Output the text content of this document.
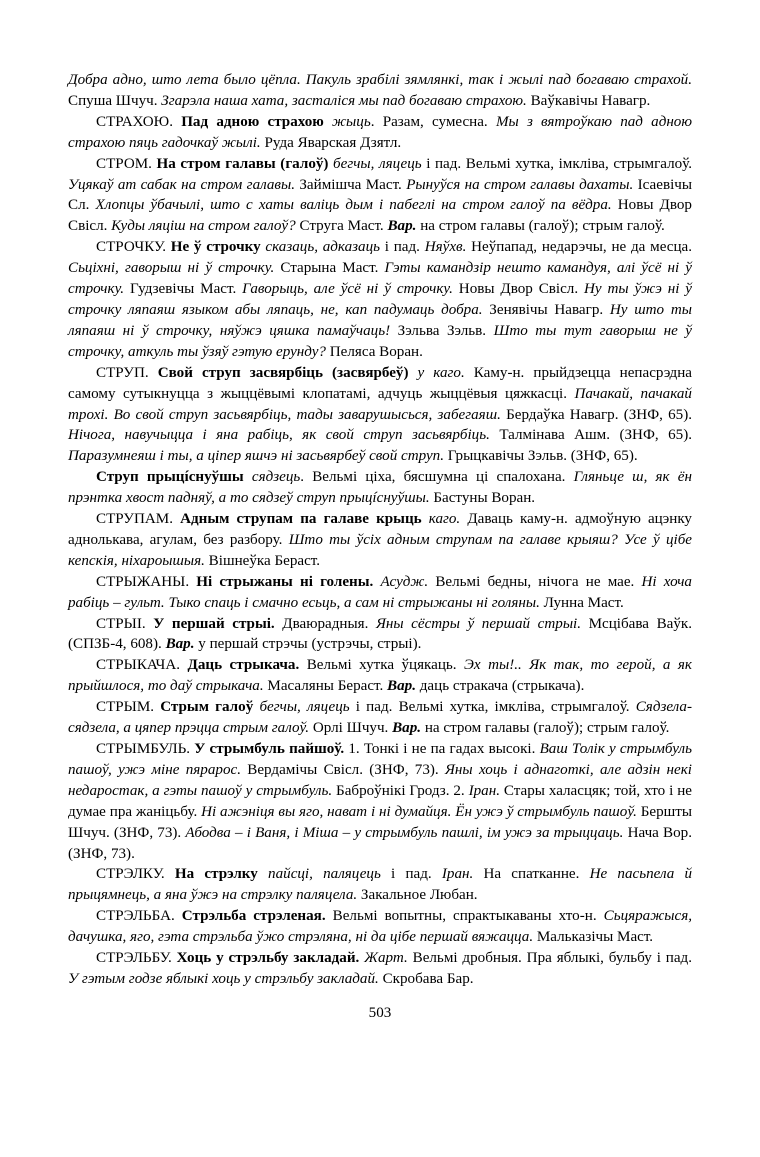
Добра адно, што лета было цёпла. Пакуль зрабілі зямлянкі, так і жылі пад богаваю страхой. Спуша Шчуч. Згарэла наша хата, засталіся мы пад богаваю страхою. Ваўкавічы Навагр.

СТРАХОЮ. Пад адною страхою жыць. Разам, сумесна. Мы з вятроўкаю пад адною страхою пяць гадочкаў жылі. Руда Яварская Дзятл.

СТРОМ. На стром галавы (галоў) бегчы, ляцець і пад. Вельмі хутка, імкліва, стрымгалоў. Уцякаў ат сабак на стром галавы. Займішча Маст. Рынуўся на стром галавы дахаты. Ісаевічы Сл. Хлопцы ўбачылі, што с хаты валіць дым і пабеглі на стром галоў па вёдра. Новы Двор Свісл. Куды ляціш на стром галоў? Струга Маст. Вар. на стром галавы (галоў); стрым галоў.

СТРОЧКУ. Не ў строчку сказаць, адказаць і пад. Няўхв. Неўпапад, недарэчы, не да месца. Сьціхні, гаворыш ні ў строчку. Старына Маст. Гэты камандзір нешто камандуя, алі ўсё ні ў строчку. Гудзевічы Маст. Гаворыць, але ўсё ні ў строчку. Новы Двор Свісл. Ну ты ўжэ ні ў строчку ляпаяш языком абы ляпаць, не, кап падумаць добра. Зенявічы Навагр. Ну што ты ляпаяш ні ў строчку, няўжэ цяшка памаўчаць! Зэльва Зэльв. Што ты тут гаворыш не ў строчку, аткуль ты ўзяў гэтую ерунду? Пеляса Воран.

СТРУП. Свой струп засвярбіць (засвярбеў) у каго. Каму-н. прыйдзецца непасрэдна самому сутыкнуцца з жыццёвымі клопатамі, адчуць жыццёвыя цяжкасці. Пачакай, пачакай трохі. Во свой струп засьвярбіць, тады заварушысься, забегаяш. Бердаўка Навагр. (ЗНФ, 65). Нічога, навучыцца і яна рабіць, як свой струп засьвярбіць. Талмінава Ашм. (ЗНФ, 65). Паразумнеяш і ты, а ціпер яшчэ ні засьвярбеў свой струп. Грыцкавічы Зэльв. (ЗНФ, 65).

Струп прыцíснуўшы сядзець. Вельмі ціха, бясшумна ці спалохана. Гляньце ш, як ён прэнтка хвост падняў, а то сядзеў струп прыцíснуўшы. Бастуны Воран.

СТРУПАМ. Адным струпам па галаве крыць каго. Даваць каму-н. адмоўную ацэнку аднолькава, агулам, без разбору. Што ты ўсіх адным струпам па галаве крыяш? Усе ў цібе кепскія, ніхароышыя. Вішнеўка Бераст.

СТРЫЖАНЫ. Ні стрыжаны ні голены. Асудж. Вельмі бедны, нічога не мае. Ні хоча рабіць – гульт. Тыко спаць і смачно есьць, а сам ні стрыжаны ні голяны. Лунна Маст.

СТРЫІ. У першай стрыі. Дваюрадныя. Яны сёстры ў першай стрыі. Мсцібава Ваўк. (СПЗБ-4, 608). Вар. у першай стрэчы (устрэчы, стрыі).

СТРЫКАЧА. Даць стрыкача. Вельмі хутка ўцякаць. Эх ты!.. Як так, то герой, а як прыйшлося, то даў стрыкача. Масаляны Бераст. Вар. даць стракача (стрыкача).

СТРЫМ. Стрым галоў бегчы, ляцець і пад. Вельмі хутка, імкліва, стрымгалоў. Сядзела-сядзела, а цяпер прэцца стрым галоў. Орлі Шчуч. Вар. на стром галавы (галоў); стрым галоў.

СТРЫМБУЛЬ. У стрымбуль пайшоў. 1. Тонкі і не па гадах высокі. Ваш Толік у стрымбуль пашоў, ужэ міне пярарос. Вердамічы Свісл. (ЗНФ, 73). Яны хоць і аднаготкі, але адзін некі недаростак, а гэты пашоў у стрымбуль. Баброўнікі Гродз. 2. Іран. Стары халасцяк; той, хто і не думае пра жаніцьбу. Ні ажэніця вы яго, нават і ні думайця. Ён ужэ ў стрымбуль пашоў. Бершты Шчуч. (ЗНФ, 73). Абодва – і Ваня, і Міша – у стрымбуль пашлі, ім ужэ за трыццаць. Нача Вор. (ЗНФ, 73).

СТРЭЛКУ. На стрэлку пайсці, паляцець і пад. Іран. На спатканне. Не пасьпела й прыцямнець, а яна ўжэ на стрэлку паляцела. Закальное Любан.

СТРЭЛЬБА. Стрэльба стрэленая. Вельмі вопытны, спрактыкаваны хто-н. Сьцяражыся, дачушка, яго, гэта стрэльба ўжо стрэляна, ні да цібе першай вяжацца. Мальказічы Маст.

СТРЭЛЬБУ. Хоць у стрэльбу закладай. Жарт. Вельмі дробныя. Пра яблыкі, бульбу і пад. У гэтым годзе яблыкі хоць у стрэльбу закладай. Скробава Бар.

503
